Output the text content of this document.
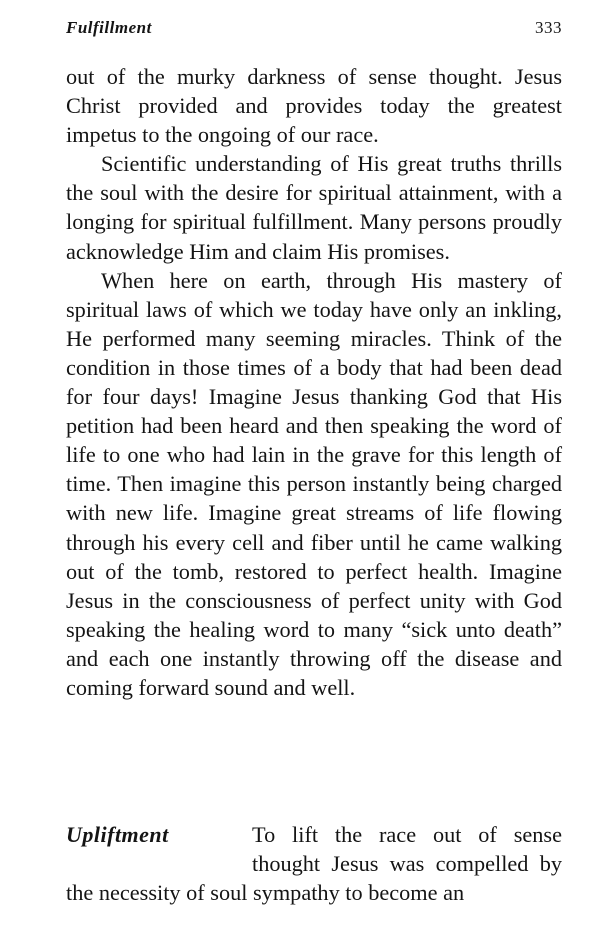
Fulfillment	333

out of the murky darkness of sense thought. Jesus Christ provided and provides today the greatest impetus to the ongoing of our race.

Scientific understanding of His great truths thrills the soul with the desire for spiritual attainment, with a longing for spiritual fulfillment. Many persons proudly acknowledge Him and claim His promises.

When here on earth, through His mastery of spiritual laws of which we today have only an inkling, He performed many seeming miracles. Think of the condition in those times of a body that had been dead for four days! Imagine Jesus thanking God that His petition had been heard and then speaking the word of life to one who had lain in the grave for this length of time. Then imagine this person instantly being charged with new life. Imagine great streams of life flowing through his every cell and fiber until he came walking out of the tomb, restored to perfect health. Imagine Jesus in the consciousness of perfect unity with God speaking the healing word to many “sick unto death” and each one instantly throwing off the disease and coming forward sound and well.

Upliftment	To lift the race out of sense thought Jesus was compelled by the necessity of soul sympathy to become an
